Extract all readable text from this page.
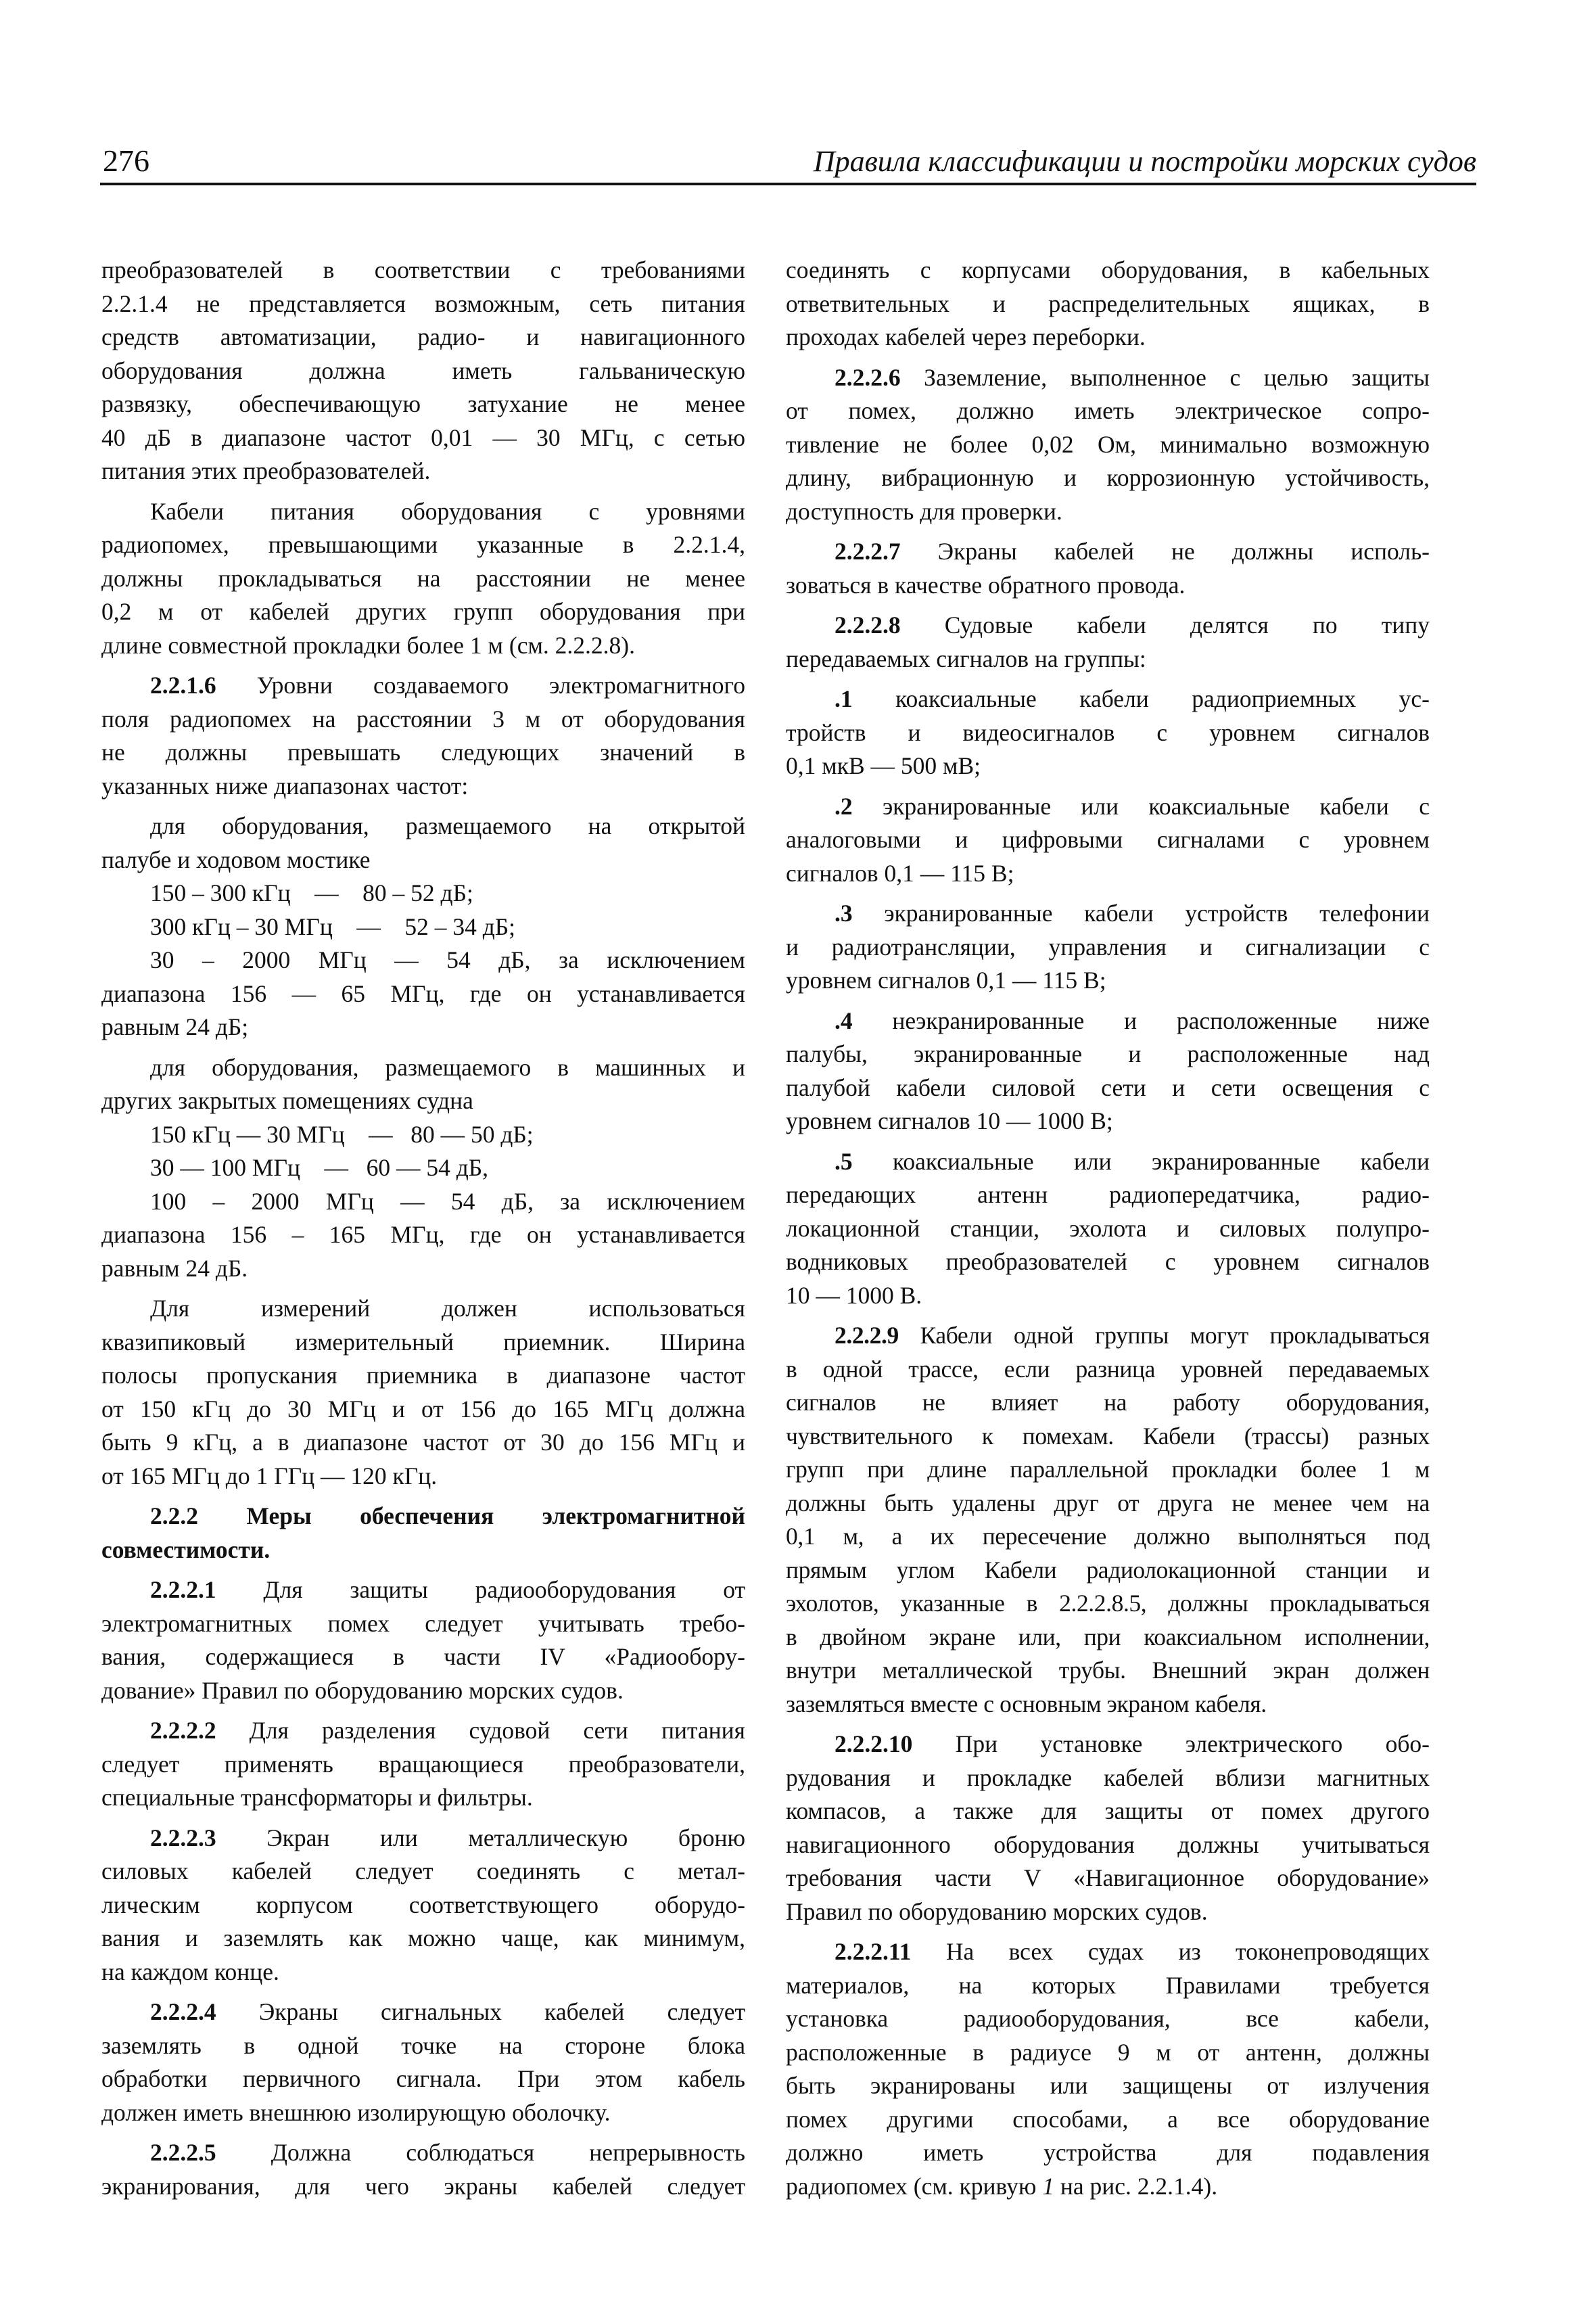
276	Правила классификации и постройки морских судов

преобразователей в соответствии с требованиями
2.2.1.4 не представляется возможным, сеть питания
средств автоматизации, радио- и навигационного
оборудования должна иметь гальваническую
развязку, обеспечивающую затухание не менее
40 дБ в диапазоне частот 0,01 — 30 МГц, с сетью
питания этих преобразователей.

Кабели питания оборудования с уровнями
радиопомех, превышающими указанные в 2.2.1.4,
должны прокладываться на расстоянии не менее
0,2 м от кабелей других групп оборудования при
длине совместной прокладки более 1 м (см. 2.2.2.8).

2.2.1.6 Уровни создаваемого электромагнитного
поля радиопомех на расстоянии 3 м от оборудования
не должны превышать следующих значений в
указанных ниже диапазонах частот:

для оборудования, размещаемого на открытой
палубе и ходовом мостике

150 – 300 кГц    —    80 – 52 дБ;
300 кГц – 30 МГц    —    52 – 34 дБ;
30 – 2000 МГц — 54 дБ, за исключением
диапазона 156 — 65 МГц, где он устанавливается
равным 24 дБ;

для оборудования, размещаемого в машинных и
других закрытых помещениях судна

150 кГц — 30 МГц    —   80 — 50 дБ;
30 — 100 МГц    —   60 — 54 дБ,
100 – 2000 МГц — 54 дБ, за исключением
диапазона 156 – 165 МГц, где он устанавливается
равным 24 дБ.

Для измерений должен использоваться
квазипиковый измерительный приемник. Ширина
полосы пропускания приемника в диапазоне частот
от 150 кГц до 30 МГц и от 156 до 165 МГц должна
быть 9 кГц, а в диапазоне частот от 30 до 156 МГц и
от 165 МГц до 1 ГГц — 120 кГц.

2.2.2 Меры обеспечения электромагнитной
совместимости.

2.2.2.1 Для защиты радиооборудования от
электромагнитных помех следует учитывать требо-
вания, содержащиеся в части IV «Радиообору-
дование» Правил по оборудованию морских судов.

2.2.2.2 Для разделения судовой сети питания
следует применять вращающиеся преобразователи,
специальные трансформаторы и фильтры.

2.2.2.3 Экран или металлическую броню
силовых кабелей следует соединять с метал-
лическим корпусом соответствующего оборудо-
вания и заземлять как можно чаще, как минимум,
на каждом конце.

2.2.2.4 Экраны сигнальных кабелей следует
заземлять в одной точке на стороне блока
обработки первичного сигнала. При этом кабель
должен иметь внешнюю изолирующую оболочку.

2.2.2.5 Должна соблюдаться непрерывность
экранирования, для чего экраны кабелей следует

соединять с корпусами оборудования, в кабельных
ответвительных и распределительных ящиках, в
проходах кабелей через переборки.

2.2.2.6 Заземление, выполненное с целью защиты
от помех, должно иметь электрическое сопро-
тивление не более 0,02 Ом, минимально возможную
длину, вибрационную и коррозионную устойчивость,
доступность для проверки.

2.2.2.7 Экраны кабелей не должны исполь-
зоваться в качестве обратного провода.

2.2.2.8 Судовые кабели делятся по типу
передаваемых сигналов на группы:

.1 коаксиальные кабели радиоприемных ус-
тройств и видеосигналов с уровнем сигналов
0,1 мкВ — 500 мВ;

.2 экранированные или коаксиальные кабели с
аналоговыми и цифровыми сигналами с уровнем
сигналов 0,1 — 115 В;

.3 экранированные кабели устройств телефонии
и радиотрансляции, управления и сигнализации с
уровнем сигналов 0,1 — 115 В;

.4 неэкранированные и расположенные ниже
палубы, экранированные и расположенные над
палубой кабели силовой сети и сети освещения с
уровнем сигналов 10 — 1000 В;

.5 коаксиальные или экранированные кабели
передающих антенн радиопередатчика, радио-
локационной станции, эхолота и силовых полупро-
водниковых преобразователей с уровнем сигналов
10 — 1000 В.

2.2.2.9 Кабели одной группы могут прокладываться
в одной трассе, если разница уровней передаваемых
сигналов не влияет на работу оборудования,
чувствительного к помехам. Кабели (трассы) разных
групп при длине параллельной прокладки более 1 м
должны быть удалены друг от друга не менее чем на
0,1 м, а их пересечение должно выполняться под
прямым углом Кабели радиолокационной станции и
эхолотов, указанные в 2.2.2.8.5, должны прокладываться
в двойном экране или, при коаксиальном исполнении,
внутри металлической трубы. Внешний экран должен
заземляться вместе с основным экраном кабеля.

2.2.2.10 При установке электрического обо-
рудования и прокладке кабелей вблизи магнитных
компасов, а также для защиты от помех другого
навигационного оборудования должны учитываться
требования части V «Навигационное оборудование»
Правил по оборудованию морских судов.

2.2.2.11 На всех судах из токонепроводящих
материалов, на которых Правилами требуется
установка радиооборудования, все кабели,
расположенные в радиусе 9 м от антенн, должны
быть экранированы или защищены от излучения
помех другими способами, а все оборудование
должно иметь устройства для подавления
радиопомех (см. кривую 1 на рис. 2.2.1.4).
